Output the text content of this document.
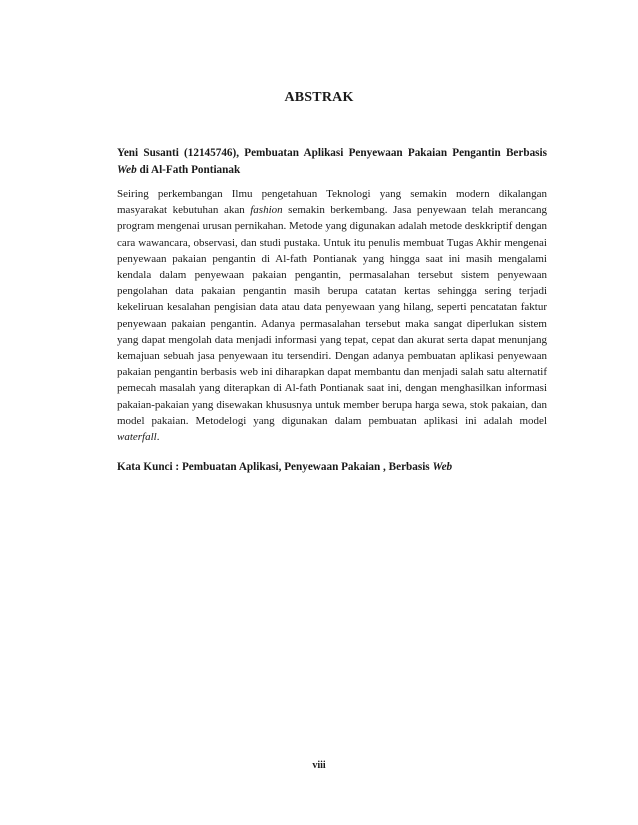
ABSTRAK
Yeni Susanti (12145746), Pembuatan Aplikasi Penyewaan Pakaian Pengantin Berbasis Web di Al-Fath Pontianak
Seiring perkembangan Ilmu pengetahuan Teknologi yang semakin modern dikalangan masyarakat kebutuhan akan fashion semakin berkembang. Jasa penyewaan telah merancang program mengenai urusan pernikahan. Metode yang digunakan adalah metode deskkriptif dengan cara wawancara, observasi, dan studi pustaka. Untuk itu penulis membuat Tugas Akhir mengenai penyewaan pakaian pengantin di Al-fath Pontianak yang hingga saat ini masih mengalami kendala dalam penyewaan pakaian pengantin, permasalahan tersebut sistem penyewaan pengolahan data pakaian pengantin masih berupa catatan kertas sehingga sering terjadi kekeliruan kesalahan pengisian data atau data penyewaan yang hilang, seperti pencatatan faktur penyewaan pakaian pengantin. Adanya permasalahan tersebut maka sangat diperlukan sistem yang dapat mengolah data menjadi informasi yang tepat, cepat dan akurat serta dapat menunjang kemajuan sebuah jasa penyewaan itu tersendiri. Dengan adanya pembuatan aplikasi penyewaan pakaian pengantin berbasis web ini diharapkan dapat membantu dan menjadi salah satu alternatif pemecah masalah yang diterapkan di Al-fath Pontianak saat ini, dengan menghasilkan informasi pakaian-pakaian yang disewakan khususnya untuk member berupa harga sewa, stok pakaian, dan model pakaian. Metodelogi yang digunakan dalam pembuatan aplikasi ini adalah model waterfall.
Kata Kunci : Pembuatan Aplikasi, Penyewaan Pakaian , Berbasis Web
viii
